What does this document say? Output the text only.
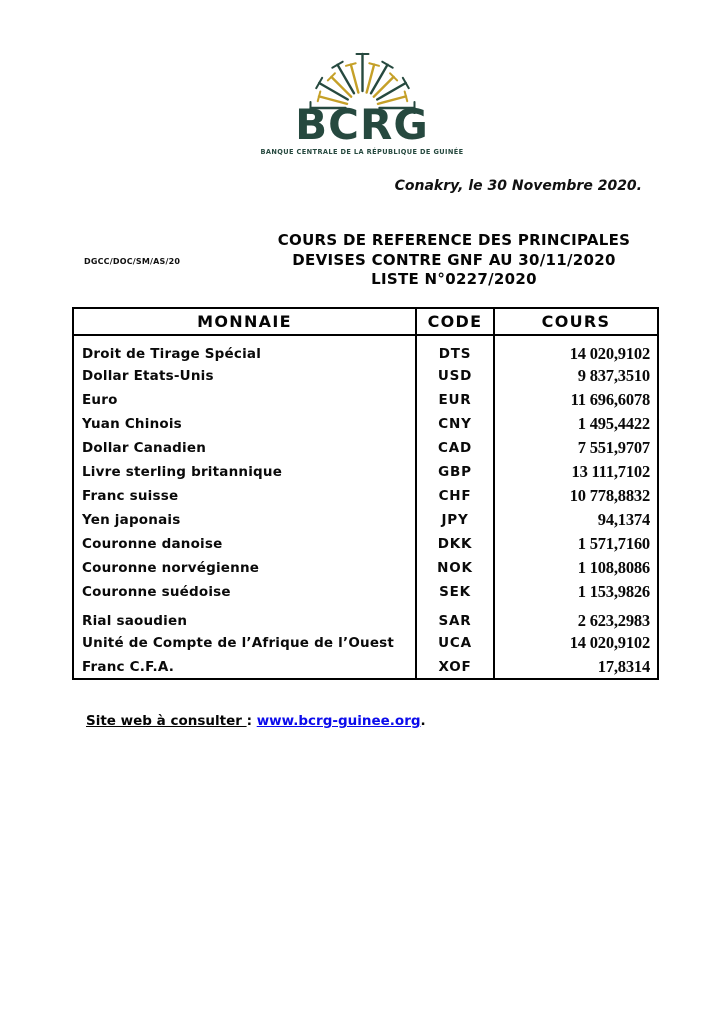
BCRG
BANQUE CENTRALE DE LA RÉPUBLIQUE DE GUINÉE
Conakry, le 30 Novembre 2020.
DGCC/DOC/SM/AS/20
COURS DE REFERENCE DES PRINCIPALES
DEVISES CONTRE GNF AU 30/11/2020
LISTE N°0227/2020
MONNAIE	CODE	COURS
Droit de Tirage Spécial	DTS	14 020,9102
Dollar Etats-Unis	USD	9 837,3510
Euro	EUR	11 696,6078
Yuan Chinois	CNY	1 495,4422
Dollar Canadien	CAD	7 551,9707
Livre sterling britannique	GBP	13 111,7102
Franc suisse	CHF	10 778,8832
Yen japonais	JPY	94,1374
Couronne danoise	DKK	1 571,7160
Couronne norvégienne	NOK	1 108,8086
Couronne suédoise	SEK	1 153,9826
Rial saoudien	SAR	2 623,2983
Unité de Compte de l’Afrique de l’Ouest	UCA	14 020,9102
Franc C.F.A.	XOF	17,8314
Site web à consulter : www.bcrg-guinee.org.
